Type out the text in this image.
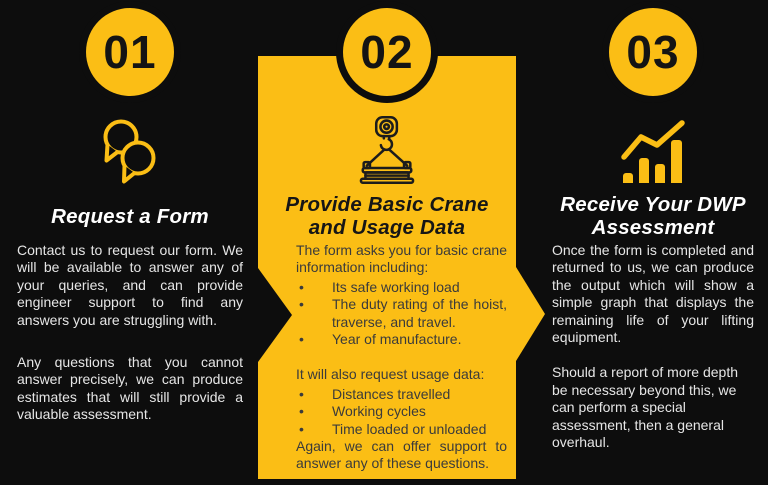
01
Request a Form

Contact us to request our form. We will be available to answer any of your queries, and can provide engineer support to find any answers you are struggling with.

Any questions that you cannot answer precisely, we can produce estimates that will still provide a valuable assessment.

02
Provide Basic Crane
and Usage Data

The form asks you for basic crane information including:

•	Its safe working load
•	The duty rating of the hoist, traverse, and travel.
•	Year of manufacture.

It will also request usage data:

•	Distances travelled
•	Working cycles
•	Time loaded or unloaded

Again, we can offer support to answer any of these questions.

03
Receive Your DWP
Assessment

Once the form is completed and returned to us, we can produce the output which will show a simple graph that displays the remaining life of your lifting equipment.

Should a report of more depth be necessary beyond this, we can perform a special assessment, then a general overhaul.
